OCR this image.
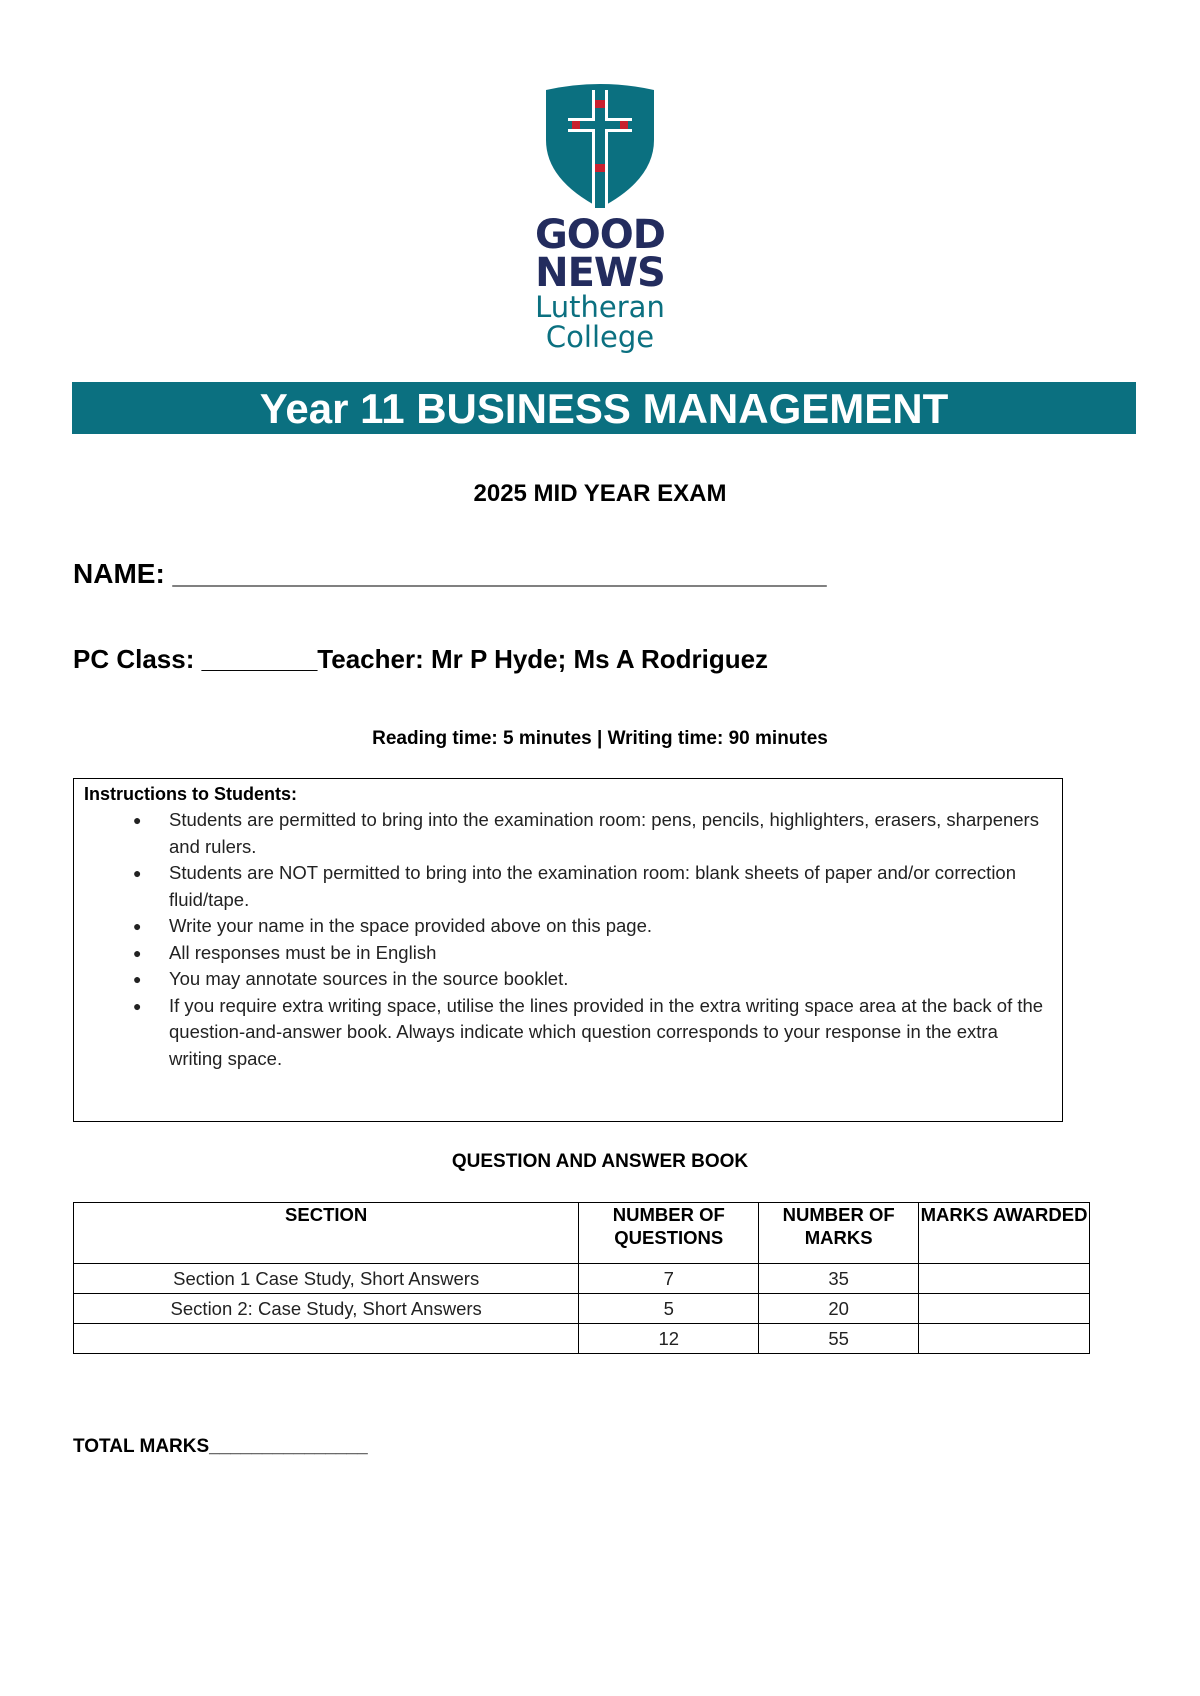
GOOD
NEWS
Lutheran
College
Year 11 BUSINESS MANAGEMENT
2025 MID YEAR EXAM
NAME: __________________________________________
PC Class: ________Teacher: Mr P Hyde; Ms A Rodriguez
Reading time: 5 minutes | Writing time: 90 minutes
Instructions to Students:
● Students are permitted to bring into the examination room: pens, pencils, highlighters, erasers, sharpeners and rulers.
● Students are NOT permitted to bring into the examination room: blank sheets of paper and/or correction fluid/tape.
● Write your name in the space provided above on this page.
● All responses must be in English
● You may annotate sources in the source booklet.
● If you require extra writing space, utilise the lines provided in the extra writing space area at the back of the question-and-answer book. Always indicate which question corresponds to your response in the extra writing space.
QUESTION AND ANSWER BOOK
SECTION	NUMBER OF QUESTIONS	NUMBER OF MARKS	MARKS AWARDED
Section 1 Case Study, Short Answers	7	35	
Section 2: Case Study, Short Answers	5	20	
	12	55	
TOTAL MARKS_______________
